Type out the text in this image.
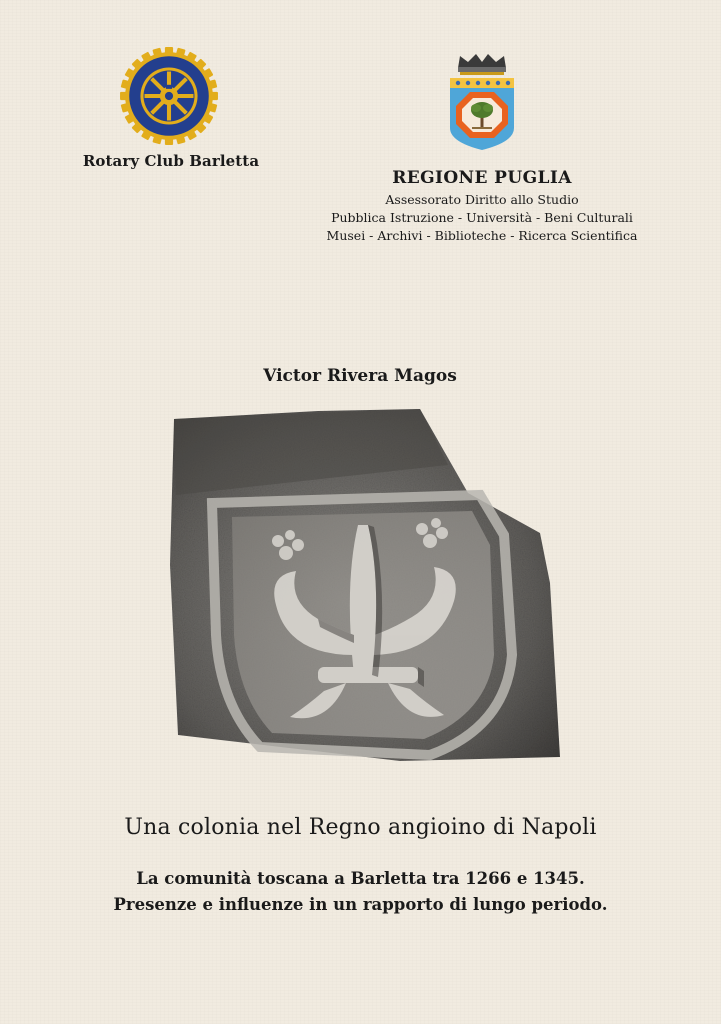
Rotary Club Barletta
REGIONE PUGLIA
Assessorato Diritto allo Studio
Pubblica Istruzione - Università - Beni Culturali
Musei - Archivi - Biblioteche - Ricerca Scientifica
Victor Rivera Magos
Una colonia nel Regno angioino di Napoli
La comunità toscana a Barletta tra 1266 e 1345.
Presenze e influenze in un rapporto di lungo periodo.
